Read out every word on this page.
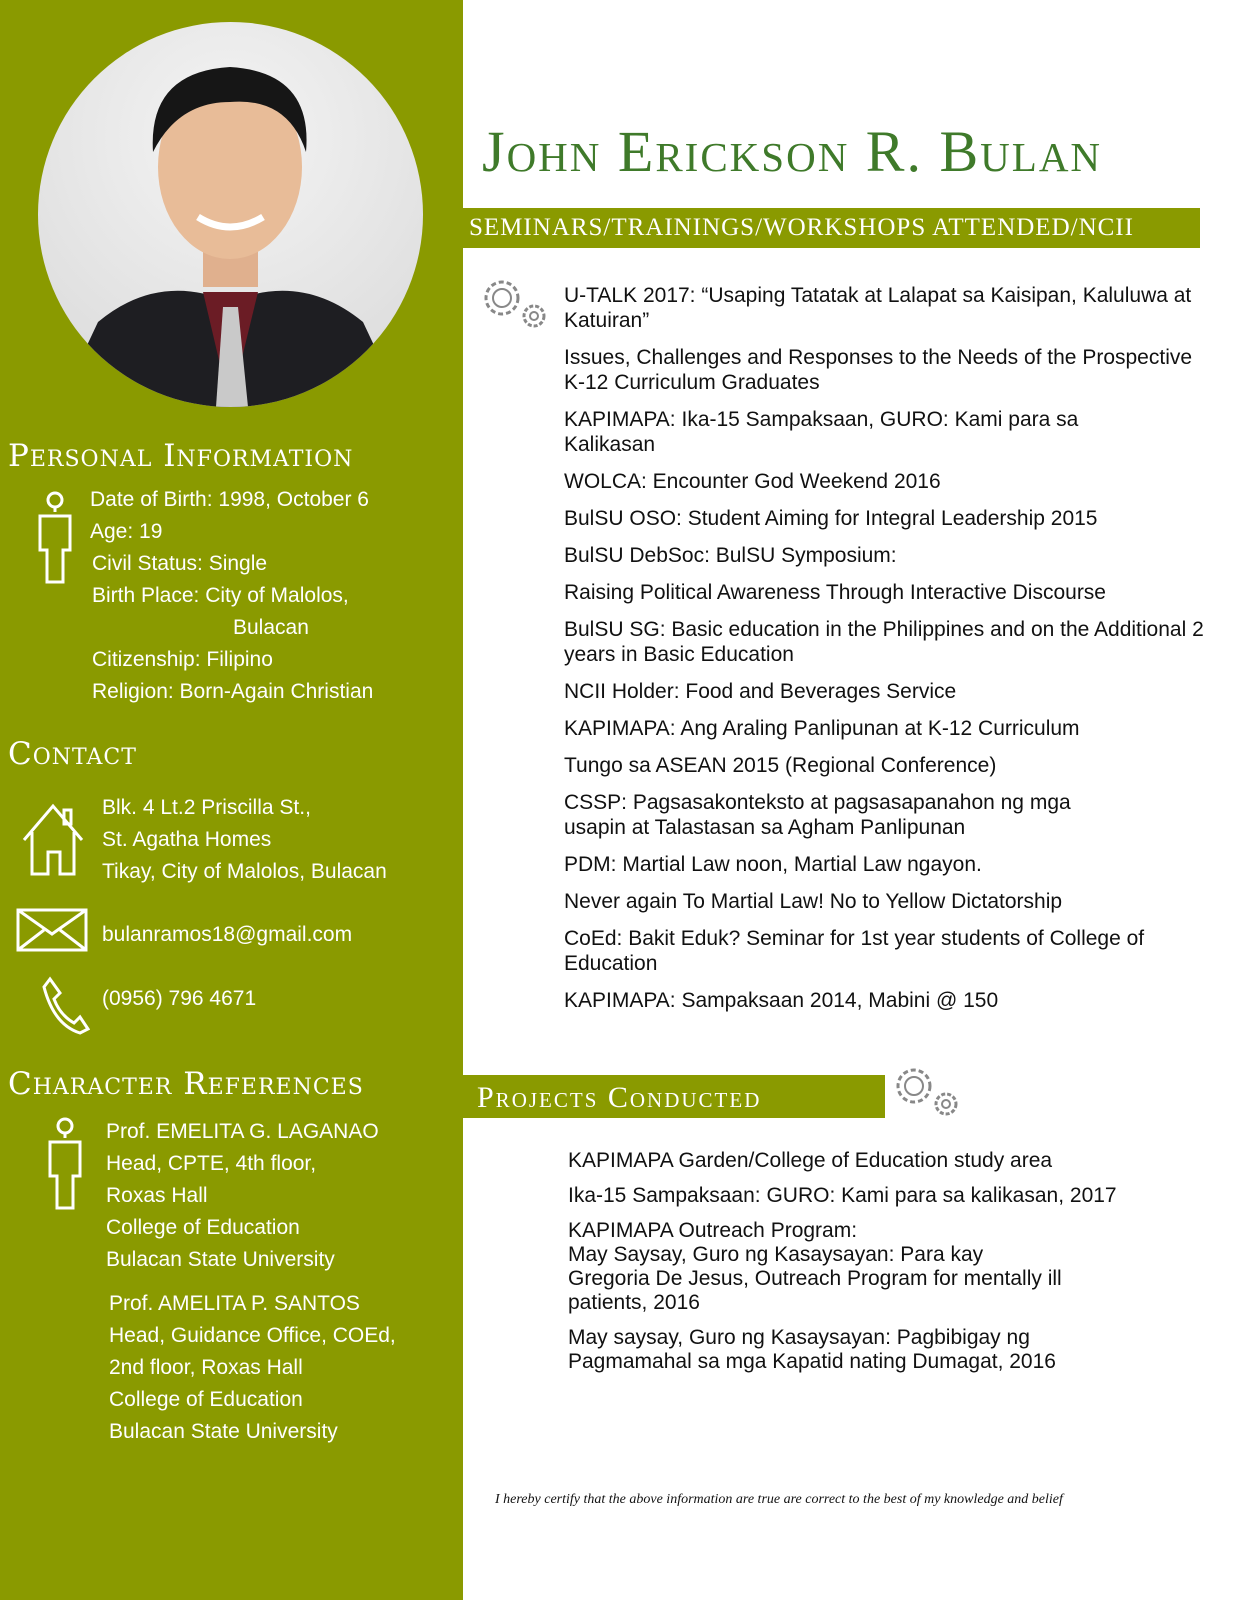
Personal Information
Date of Birth: 1998, October 6
Age: 19
Civil Status: Single
Birth Place: City of Malolos,
Bulacan
Citizenship: Filipino
Religion: Born-Again Christian
Contact
Blk. 4 Lt.2 Priscilla St.,
St. Agatha Homes
Tikay, City of Malolos, Bulacan
bulanramos18@gmail.com
(0956) 796 4671
Character References
Prof. EMELITA G. LAGANAO
Head, CPTE, 4th floor,
Roxas Hall
College of Education
Bulacan State University
Prof. AMELITA P. SANTOS
Head, Guidance Office, COEd,
2nd floor, Roxas Hall
College of Education
Bulacan State University
John Erickson R. Bulan
SEMINARS/TRAININGS/WORKSHOPS ATTENDED/NCII
U-TALK 2017: “Usaping Tatatak at Lalapat sa Kaisipan, Kaluluwa at Katuiran”
Issues, Challenges and Responses to the Needs of the Prospective K-12 Curriculum Graduates
KAPIMAPA: Ika-15 Sampaksaan, GURO: Kami para sa Kalikasan
WOLCA: Encounter God Weekend 2016
BulSU OSO: Student Aiming for Integral Leadership 2015
BulSU DebSoc: BulSU Symposium:
Raising Political Awareness Through Interactive Discourse
BulSU SG: Basic education in the Philippines and on the Additional 2 years in Basic Education
NCII Holder: Food and Beverages Service
KAPIMAPA: Ang Araling Panlipunan at K-12 Curriculum
Tungo sa ASEAN 2015 (Regional Conference)
CSSP: Pagsasakonteksto at pagsasapanahon ng mga usapin at Talastasan sa Agham Panlipunan
PDM: Martial Law noon, Martial Law ngayon.
Never again To Martial Law! No to Yellow Dictatorship
CoEd: Bakit Eduk? Seminar for 1st year students of College of Education
KAPIMAPA: Sampaksaan 2014, Mabini @ 150
Projects Conducted
KAPIMAPA Garden/College of Education study area
Ika-15 Sampaksaan: GURO: Kami para sa kalikasan, 2017
KAPIMAPA Outreach Program:
May Saysay, Guro ng Kasaysayan: Para kay Gregoria De Jesus, Outreach Program for mentally ill patients, 2016
May saysay, Guro ng Kasaysayan: Pagbibigay ng Pagmamahal sa mga Kapatid nating Dumagat, 2016
I hereby certify that the above information are true are correct to the best of my knowledge and belief
